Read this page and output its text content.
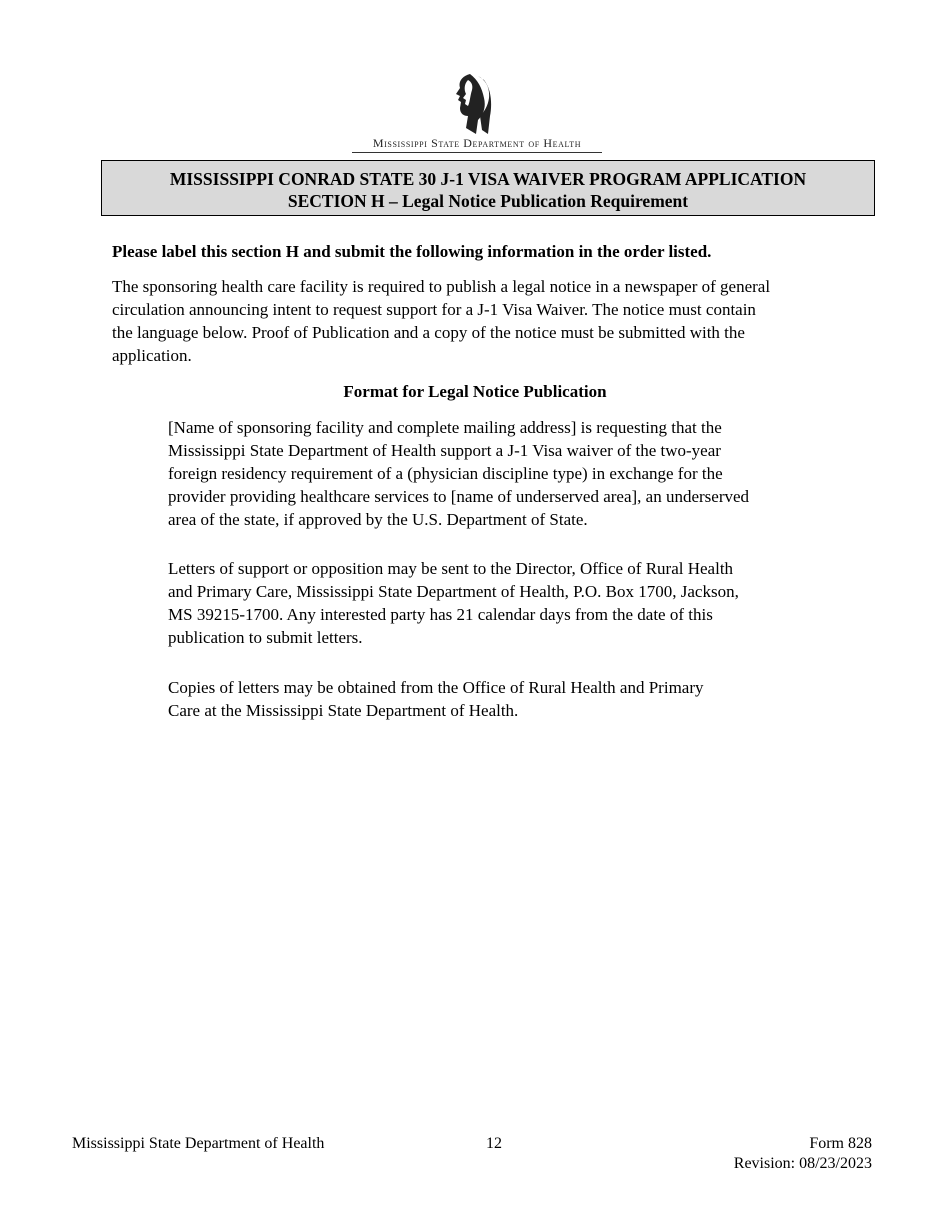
Mississippi State Department of Health
MISSISSIPPI CONRAD STATE 30 J-1 VISA WAIVER PROGRAM APPLICATION
SECTION H – Legal Notice Publication Requirement
Please label this section H and submit the following information in the order listed.
The sponsoring health care facility is required to publish a legal notice in a newspaper of general
circulation announcing intent to request support for a J-1 Visa Waiver. The notice must contain
the language below. Proof of Publication and a copy of the notice must be submitted with the
application.
Format for Legal Notice Publication
[Name of sponsoring facility and complete mailing address] is requesting that the
Mississippi State Department of Health support a J-1 Visa waiver of the two-year
foreign residency requirement of a (physician discipline type) in exchange for the
provider providing healthcare services to [name of underserved area], an underserved
area of the state, if approved by the U.S. Department of State.
Letters of support or opposition may be sent to the Director, Office of Rural Health
and Primary Care, Mississippi State Department of Health, P.O. Box 1700, Jackson,
MS 39215-1700. Any interested party has 21 calendar days from the date of this
publication to submit letters.
Copies of letters may be obtained from the Office of Rural Health and Primary
Care at the Mississippi State Department of Health.
Mississippi State Department of Health	12	Form 828
Revision: 08/23/2023
